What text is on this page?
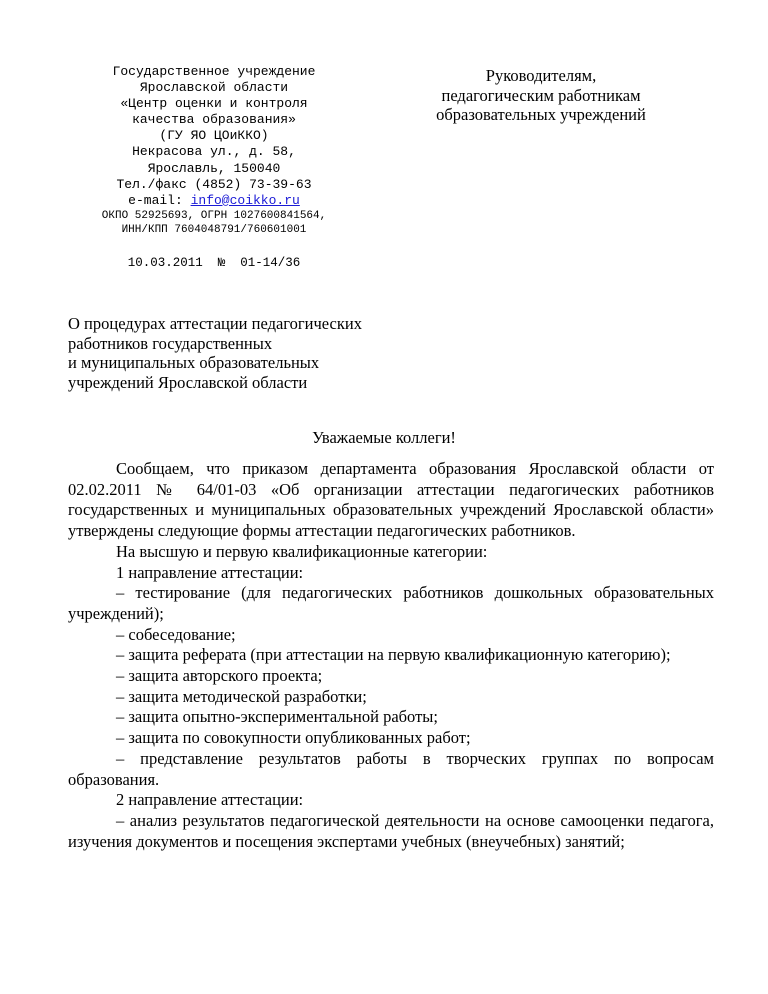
Государственное учреждение
Ярославской области
«Центр оценки и контроля
качества образования»
(ГУ ЯО ЦОиККО)
Некрасова ул., д. 58,
Ярославль, 150040
Тел./факс (4852) 73-39-63
e-mail: info@coikko.ru
ОКПО 52925693, ОГРН 1027600841564,
ИНН/КПП 7604048791/760601001
10.03.2011 № 01-14/36
Руководителям,
педагогическим работникам
образовательных учреждений
О процедурах аттестации педагогических
работников государственных
и муниципальных образовательных
учреждений Ярославской области
Уважаемые коллеги!

Сообщаем, что приказом департамента образования Ярославской области от 02.02.2011 № 64/01-03 «Об организации аттестации педагогических работников государственных и муниципальных образовательных учреждений Ярославской области» утверждены следующие формы аттестации педагогических работников.

На высшую и первую квалификационные категории:

1 направление аттестации:

– тестирование (для педагогических работников дошкольных образовательных учреждений);

– собеседование;

– защита реферата (при аттестации на первую квалификационную категорию);

– защита авторского проекта;

– защита методической разработки;

– защита опытно-экспериментальной работы;

– защита по совокупности опубликованных работ;

– представление результатов работы в творческих группах по вопросам образования.

2 направление аттестации:

– анализ результатов педагогической деятельности на основе самооценки педагога, изучения документов и посещения экспертами учебных (внеучебных) занятий;
